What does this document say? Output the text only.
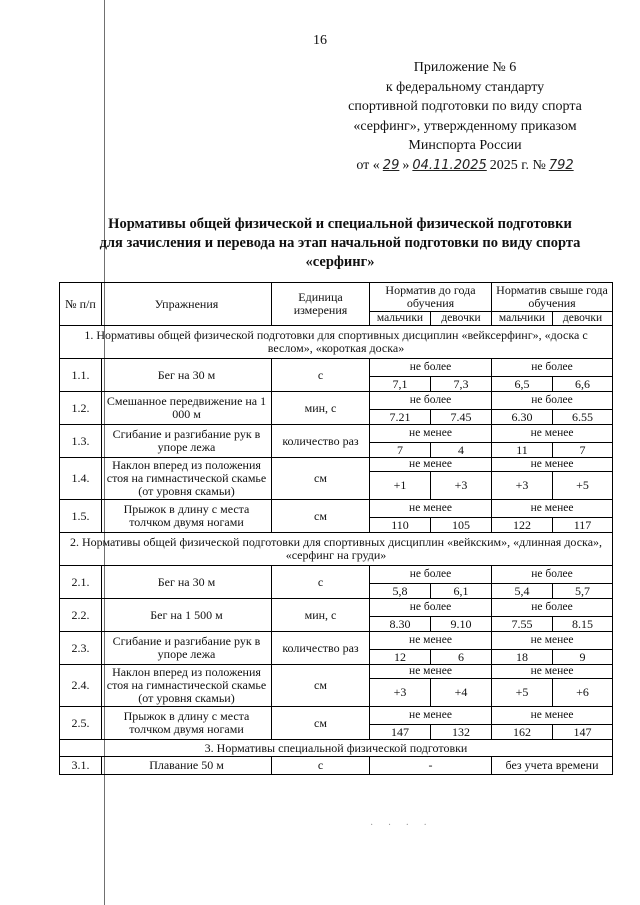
16
Приложение № 6
к федеральному стандарту
спортивной подготовки по виду спорта
«серфинг», утвержденному приказом
Минспорта России
от « 29 » 04.11.2025 2025 г. № 792
Нормативы общей физической и специальной физической подготовки
для зачисления и перевода на этап начальной подготовки по виду спорта
«серфинг»
№ п/п	Упражнения	Единица измерения	Норматив до года обучения		Норматив свыше года обучения	
			мальчики	девочки	мальчики	девочки
1. Нормативы общей физической подготовки для спортивных дисциплин «вейксерфинг», «доска с веслом», «короткая доска»						
1.1.	Бег на 30 м	с	не более		не более	
			7,1	7,3	6,5	6,6
1.2.	Смешанное передвижение на 1 000 м	мин, с	не более		не более	
			7.21	7.45	6.30	6.55
1.3.	Сгибание и разгибание рук в упоре лежа	количество раз	не менее		не менее	
			7	4	11	7
1.4.	Наклон вперед из положения стоя на гимнастической скамье (от уровня скамьи)	см	не менее		не менее	
			+1	+3	+3	+5
1.5.	Прыжок в длину с места толчком двумя ногами	см	не менее		не менее	
			110	105	122	117
2. Нормативы общей физической подготовки для спортивных дисциплин «вейкским», «длинная доска», «серфинг на груди»						
2.1.	Бег на 30 м	с	не более		не более	
			5,8	6,1	5,4	5,7
2.2.	Бег на 1 500 м	мин, с	не более		не более	
			8.30	9.10	7.55	8.15
2.3.	Сгибание и разгибание рук в упоре лежа	количество раз	не менее		не менее	
			12	6	18	9
2.4.	Наклон вперед из положения стоя на гимнастической скамье (от уровня скамьи)	см	не менее		не менее	
			+3	+4	+5	+6
2.5.	Прыжок в длину с места толчком двумя ногами	см	не менее		не менее	
			147	132	162	147
3. Нормативы специальной физической подготовки						
3.1.	Плавание 50 м	с	-		без учета времени	
· · · ·
